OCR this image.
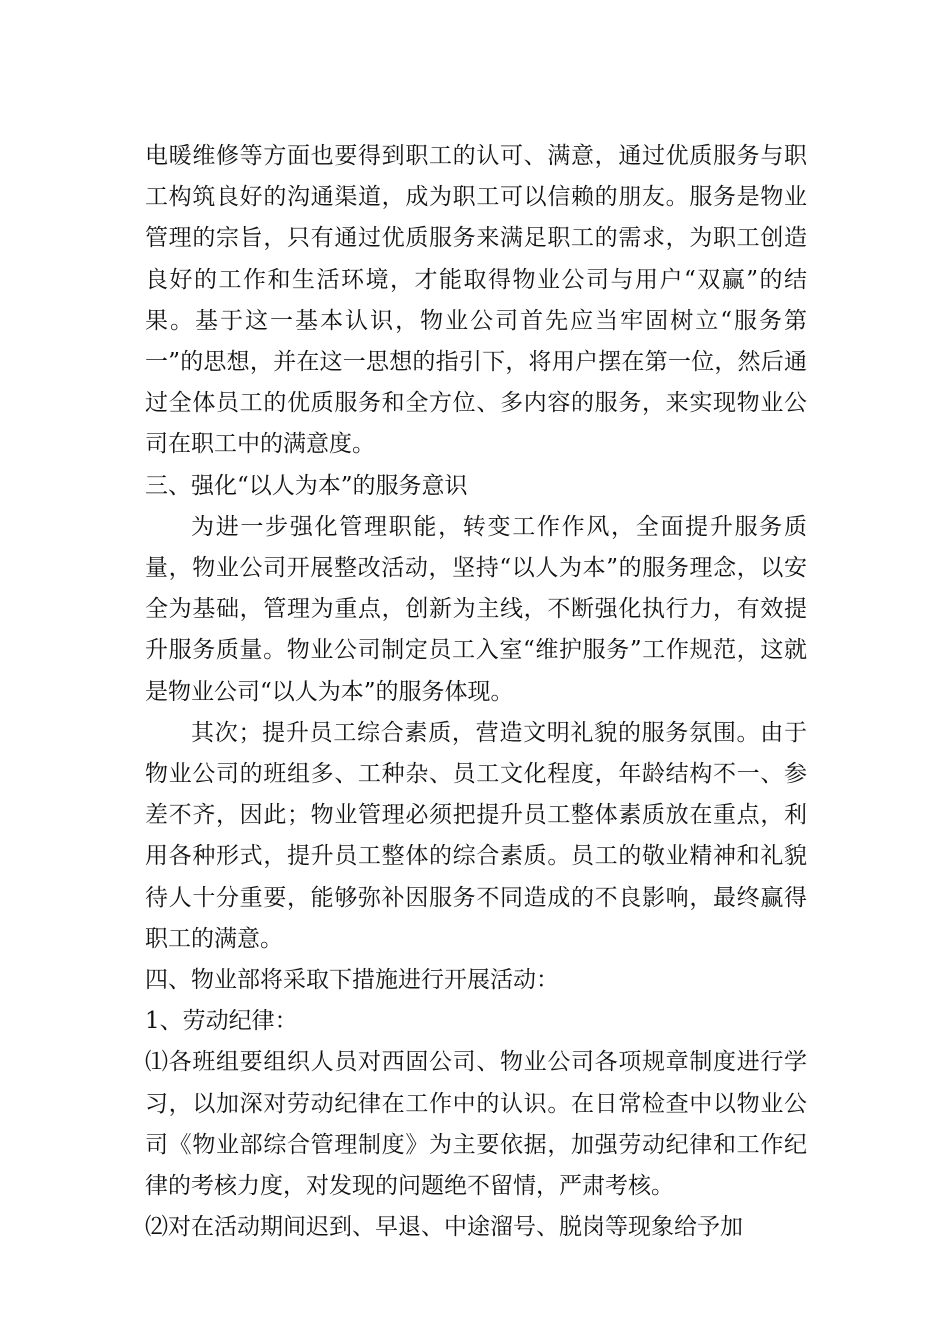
电暖维修等方面也要得到职工的认可、满意，通过优质服务与职工构筑良好的沟通渠道，成为职工可以信赖的朋友。服务是物业管理的宗旨，只有通过优质服务来满足职工的需求，为职工创造良好的工作和生活环境，才能取得物业公司与用户“双赢”的结果。基于这一基本认识，物业公司首先应当牢固树立“服务第一”的思想，并在这一思想的指引下，将用户摆在第一位，然后通过全体员工的优质服务和全方位、多内容的服务，来实现物业公司在职工中的满意度。

三、强化“以人为本”的服务意识

为进一步强化管理职能，转变工作作风，全面提升服务质量，物业公司开展整改活动，坚持“以人为本”的服务理念，以安全为基础，管理为重点，创新为主线，不断强化执行力，有效提升服务质量。物业公司制定员工入室“维护服务”工作规范，这就是物业公司“以人为本”的服务体现。

其次；提升员工综合素质，营造文明礼貌的服务氛围。由于物业公司的班组多、工种杂、员工文化程度，年龄结构不一、参差不齐，因此；物业管理必须把提升员工整体素质放在重点，利用各种形式，提升员工整体的综合素质。员工的敬业精神和礼貌待人十分重要，能够弥补因服务不同造成的不良影响，最终赢得职工的满意。

四、物业部将采取下措施进行开展活动：

1、劳动纪律：

⑴各班组要组织人员对西固公司、物业公司各项规章制度进行学习，以加深对劳动纪律在工作中的认识。在日常检查中以物业公司《物业部综合管理制度》为主要依据，加强劳动纪律和工作纪律的考核力度，对发现的问题绝不留情，严肃考核。

⑵对在活动期间迟到、早退、中途溜号、脱岗等现象给予加
